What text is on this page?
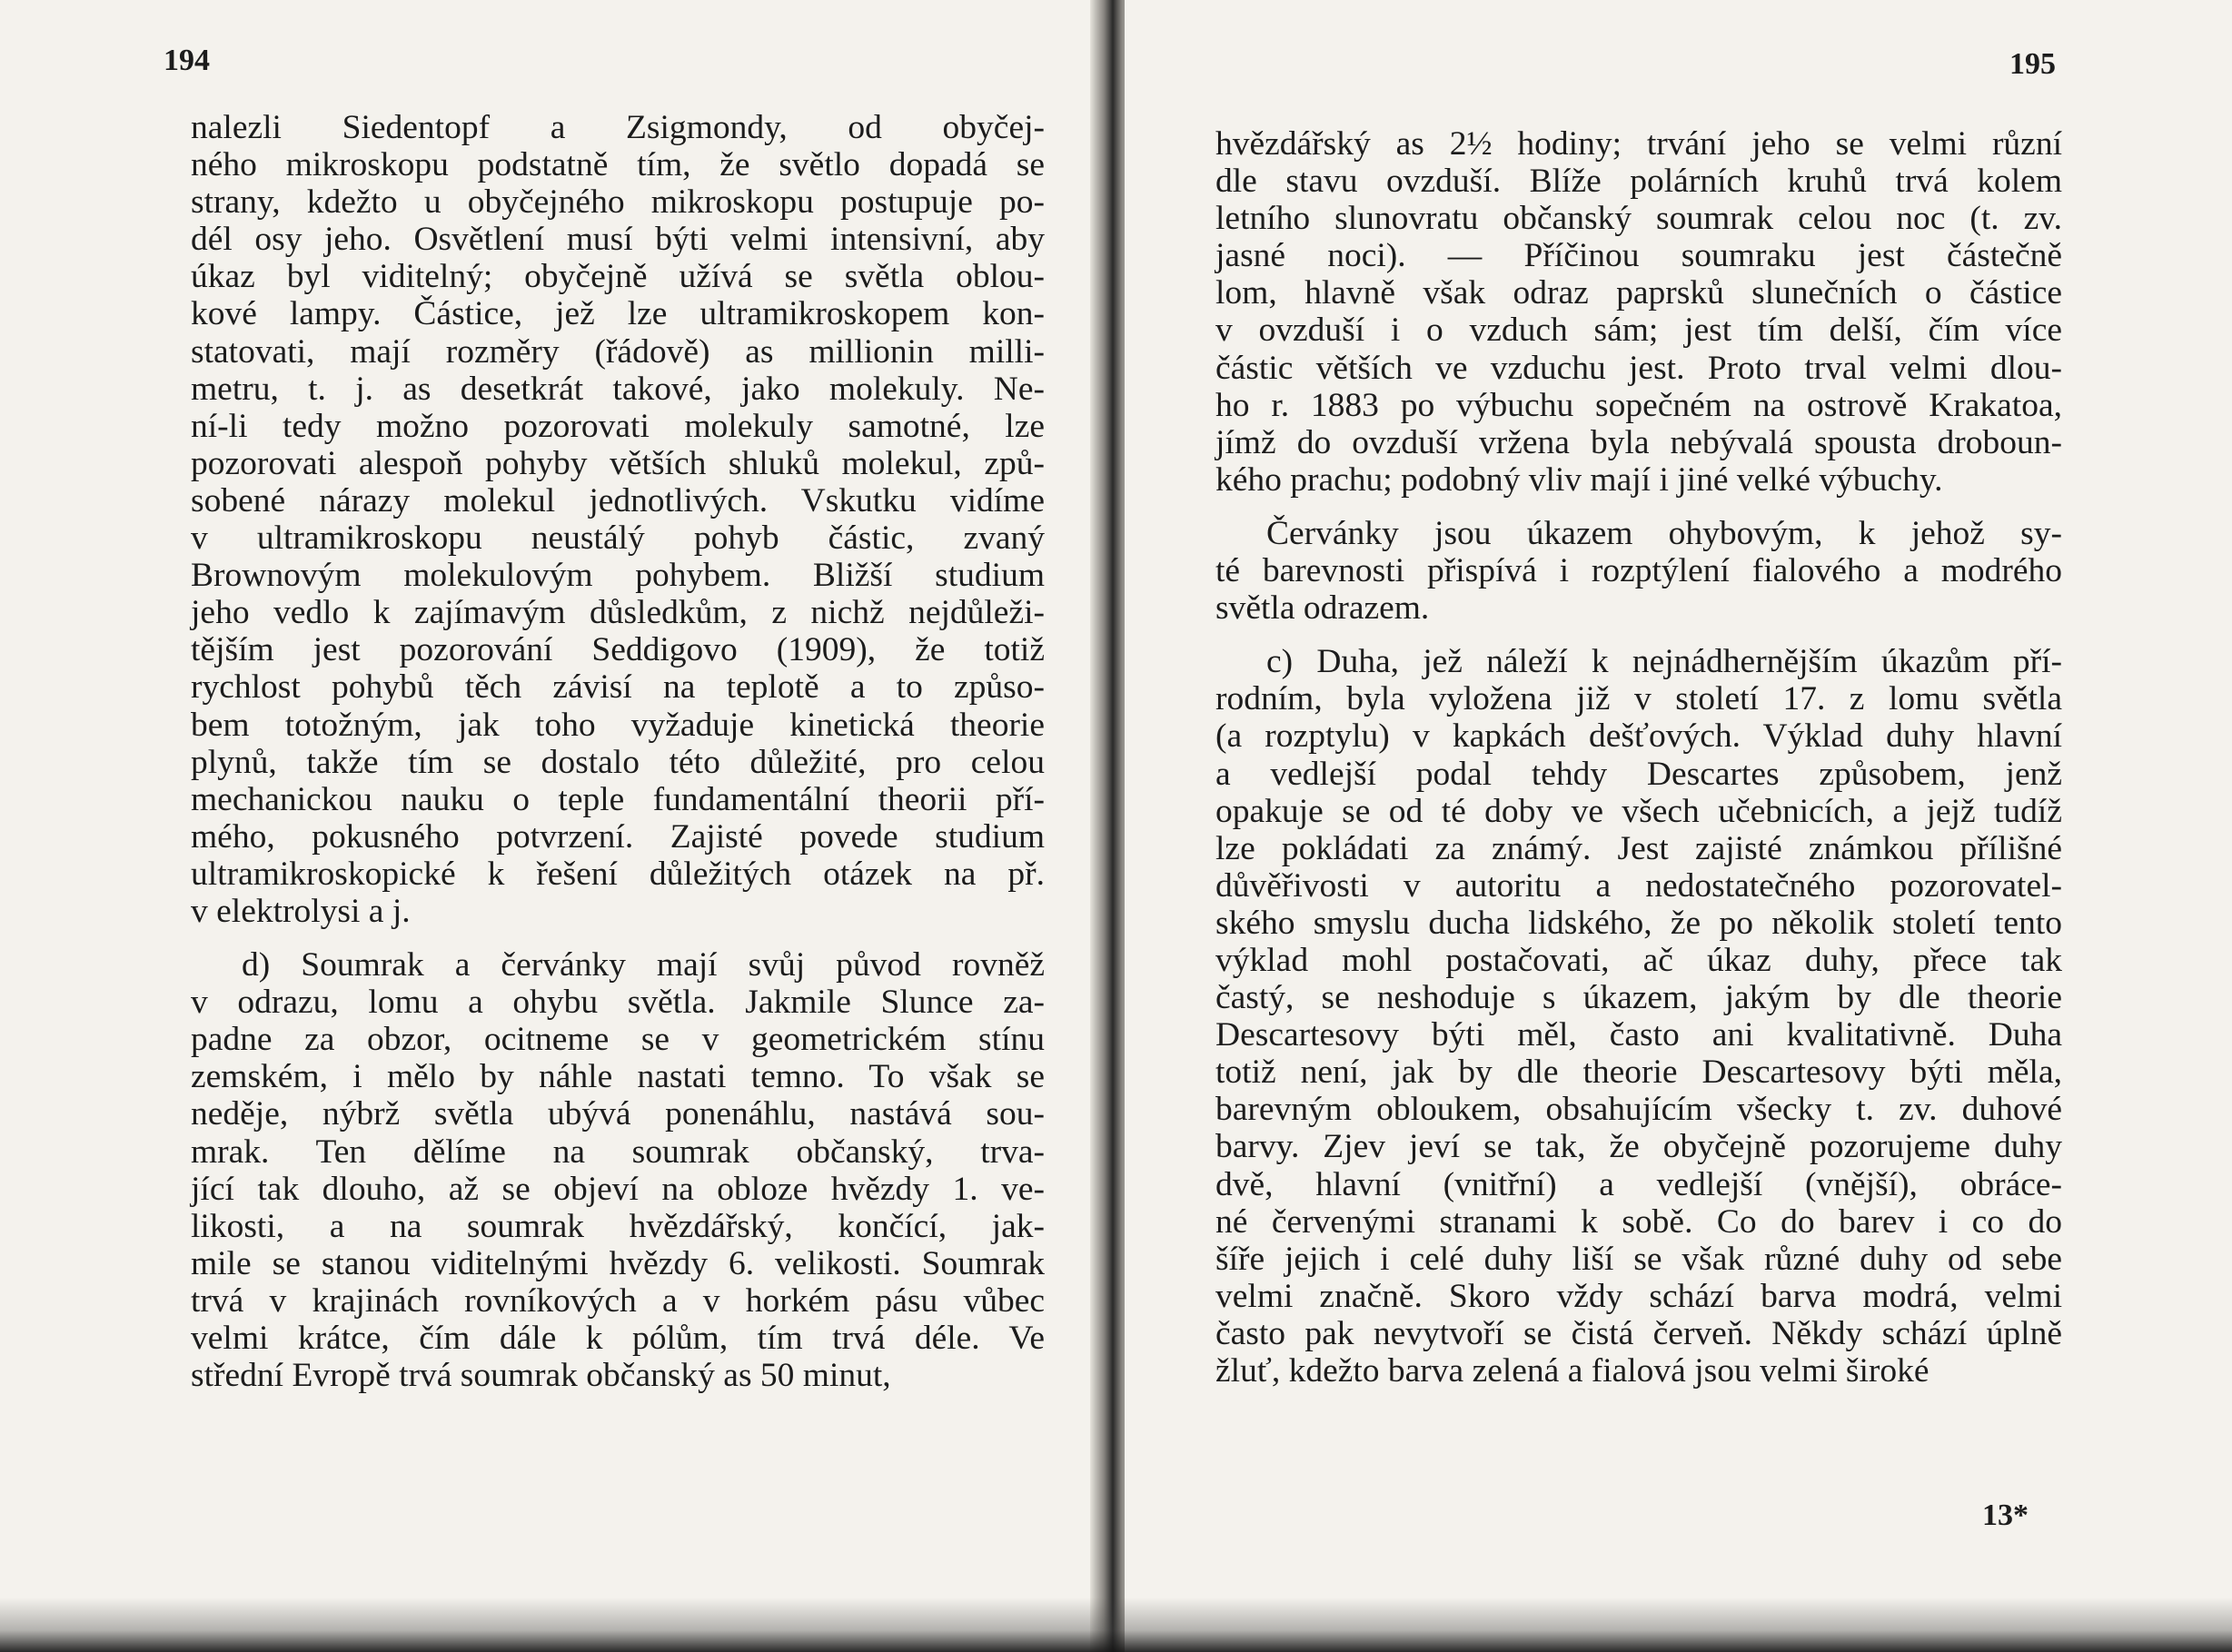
194

nalezli Siedentopf a Zsigmondy, od obyčej-
ného mikroskopu podstatně tím, že světlo dopadá se
strany, kdežto u obyčejného mikroskopu postupuje po-
dél osy jeho. Osvětlení musí býti velmi intensivní, aby
úkaz byl viditelný; obyčejně užívá se světla oblou-
kové lampy. Částice, jež lze ultramikroskopem kon-
statovati, mají rozměry (řádově) as millionin milli-
metru, t. j. as desetkrát takové, jako molekuly. Ne-
ní-li tedy možno pozorovati molekuly samotné, lze
pozorovati alespoň pohyby větších shluků molekul, způ-
sobené nárazy molekul jednotlivých. Vskutku vidíme
v ultramikroskopu neustálý pohyb částic, zvaný
Brownovým molekulovým pohybem. Bližší studium
jeho vedlo k zajímavým důsledkům, z nichž nejdůleži-
tějším jest pozorování Seddigovo (1909), že totiž
rychlost pohybů těch závisí na teplotě a to způso-
bem totožným, jak toho vyžaduje kinetická theorie
plynů, takže tím se dostalo této důležité, pro celou
mechanickou nauku o teple fundamentální theorii pří-
mého, pokusného potvrzení. Zajisté povede studium
ultramikroskopické k řešení důležitých otázek na př.
v elektrolysi a j.

d) Soumrak a červánky mají svůj původ rovněž
v odrazu, lomu a ohybu světla. Jakmile Slunce za-
padne za obzor, ocitneme se v geometrickém stínu
zemském, i mělo by náhle nastati temno. To však se
neděje, nýbrž světla ubývá ponenáhlu, nastává sou-
mrak. Ten dělíme na soumrak občanský, trva-
jící tak dlouho, až se objeví na obloze hvězdy 1. ve-
likosti, a na soumrak hvězdářský, končící, jak-
mile se stanou viditelnými hvězdy 6. velikosti. Soumrak
trvá v krajinách rovníkových a v horkém pásu vůbec
velmi krátce, čím dále k pólům, tím trvá déle. Ve
střední Evropě trvá soumrak občanský as 50 minut,

195

hvězdářský as 2½ hodiny; trvání jeho se velmi různí
dle stavu ovzduší. Blíže polárních kruhů trvá kolem
letního slunovratu občanský soumrak celou noc (t. zv.
jasné noci). — Příčinou soumraku jest částečně
lom, hlavně však odraz paprsků slunečních o částice
v ovzduší i o vzduch sám; jest tím delší, čím více
částic větších ve vzduchu jest. Proto trval velmi dlou-
ho r. 1883 po výbuchu sopečném na ostrově Krakatoa,
jímž do ovzduší vržena byla nebývalá spousta droboun-
kého prachu; podobný vliv mají i jiné velké výbuchy.

Červánky jsou úkazem ohybovým, k jehož sy-
té barevnosti přispívá i rozptýlení fialového a modrého
světla odrazem.

c) Duha, jež náleží k nejnádhernějším úkazům pří-
rodním, byla vyložena již v století 17. z lomu světla
(a rozptylu) v kapkách dešťových. Výklad duhy hlavní
a vedlejší podal tehdy Descartes způsobem, jenž
opakuje se od té doby ve všech učebnicích, a jejž tudíž
lze pokládati za známý. Jest zajisté známkou přílišné
důvěřivosti v autoritu a nedostatečného pozorovatel-
ského smyslu ducha lidského, že po několik století tento
výklad mohl postačovati, ač úkaz duhy, přece tak
častý, se neshoduje s úkazem, jakým by dle theorie
Descartesovy býti měl, často ani kvalitativně. Duha
totiž není, jak by dle theorie Descartesovy býti měla,
barevným obloukem, obsahujícím všecky t. zv. duhové
barvy. Zjev jeví se tak, že obyčejně pozorujeme duhy
dvě, hlavní (vnitřní) a vedlejší (vnější), obrácе-
né červenými stranami k sobě. Co do barev i co do
šíře jejich i celé duhy liší se však různé duhy od sebe
velmi značně. Skoro vždy schází barva modrá, velmi
často pak nevytvoří se čistá červeň. Někdy schází úplně
žluť, kdežto barva zelená a fialová jsou velmi široké

13*
